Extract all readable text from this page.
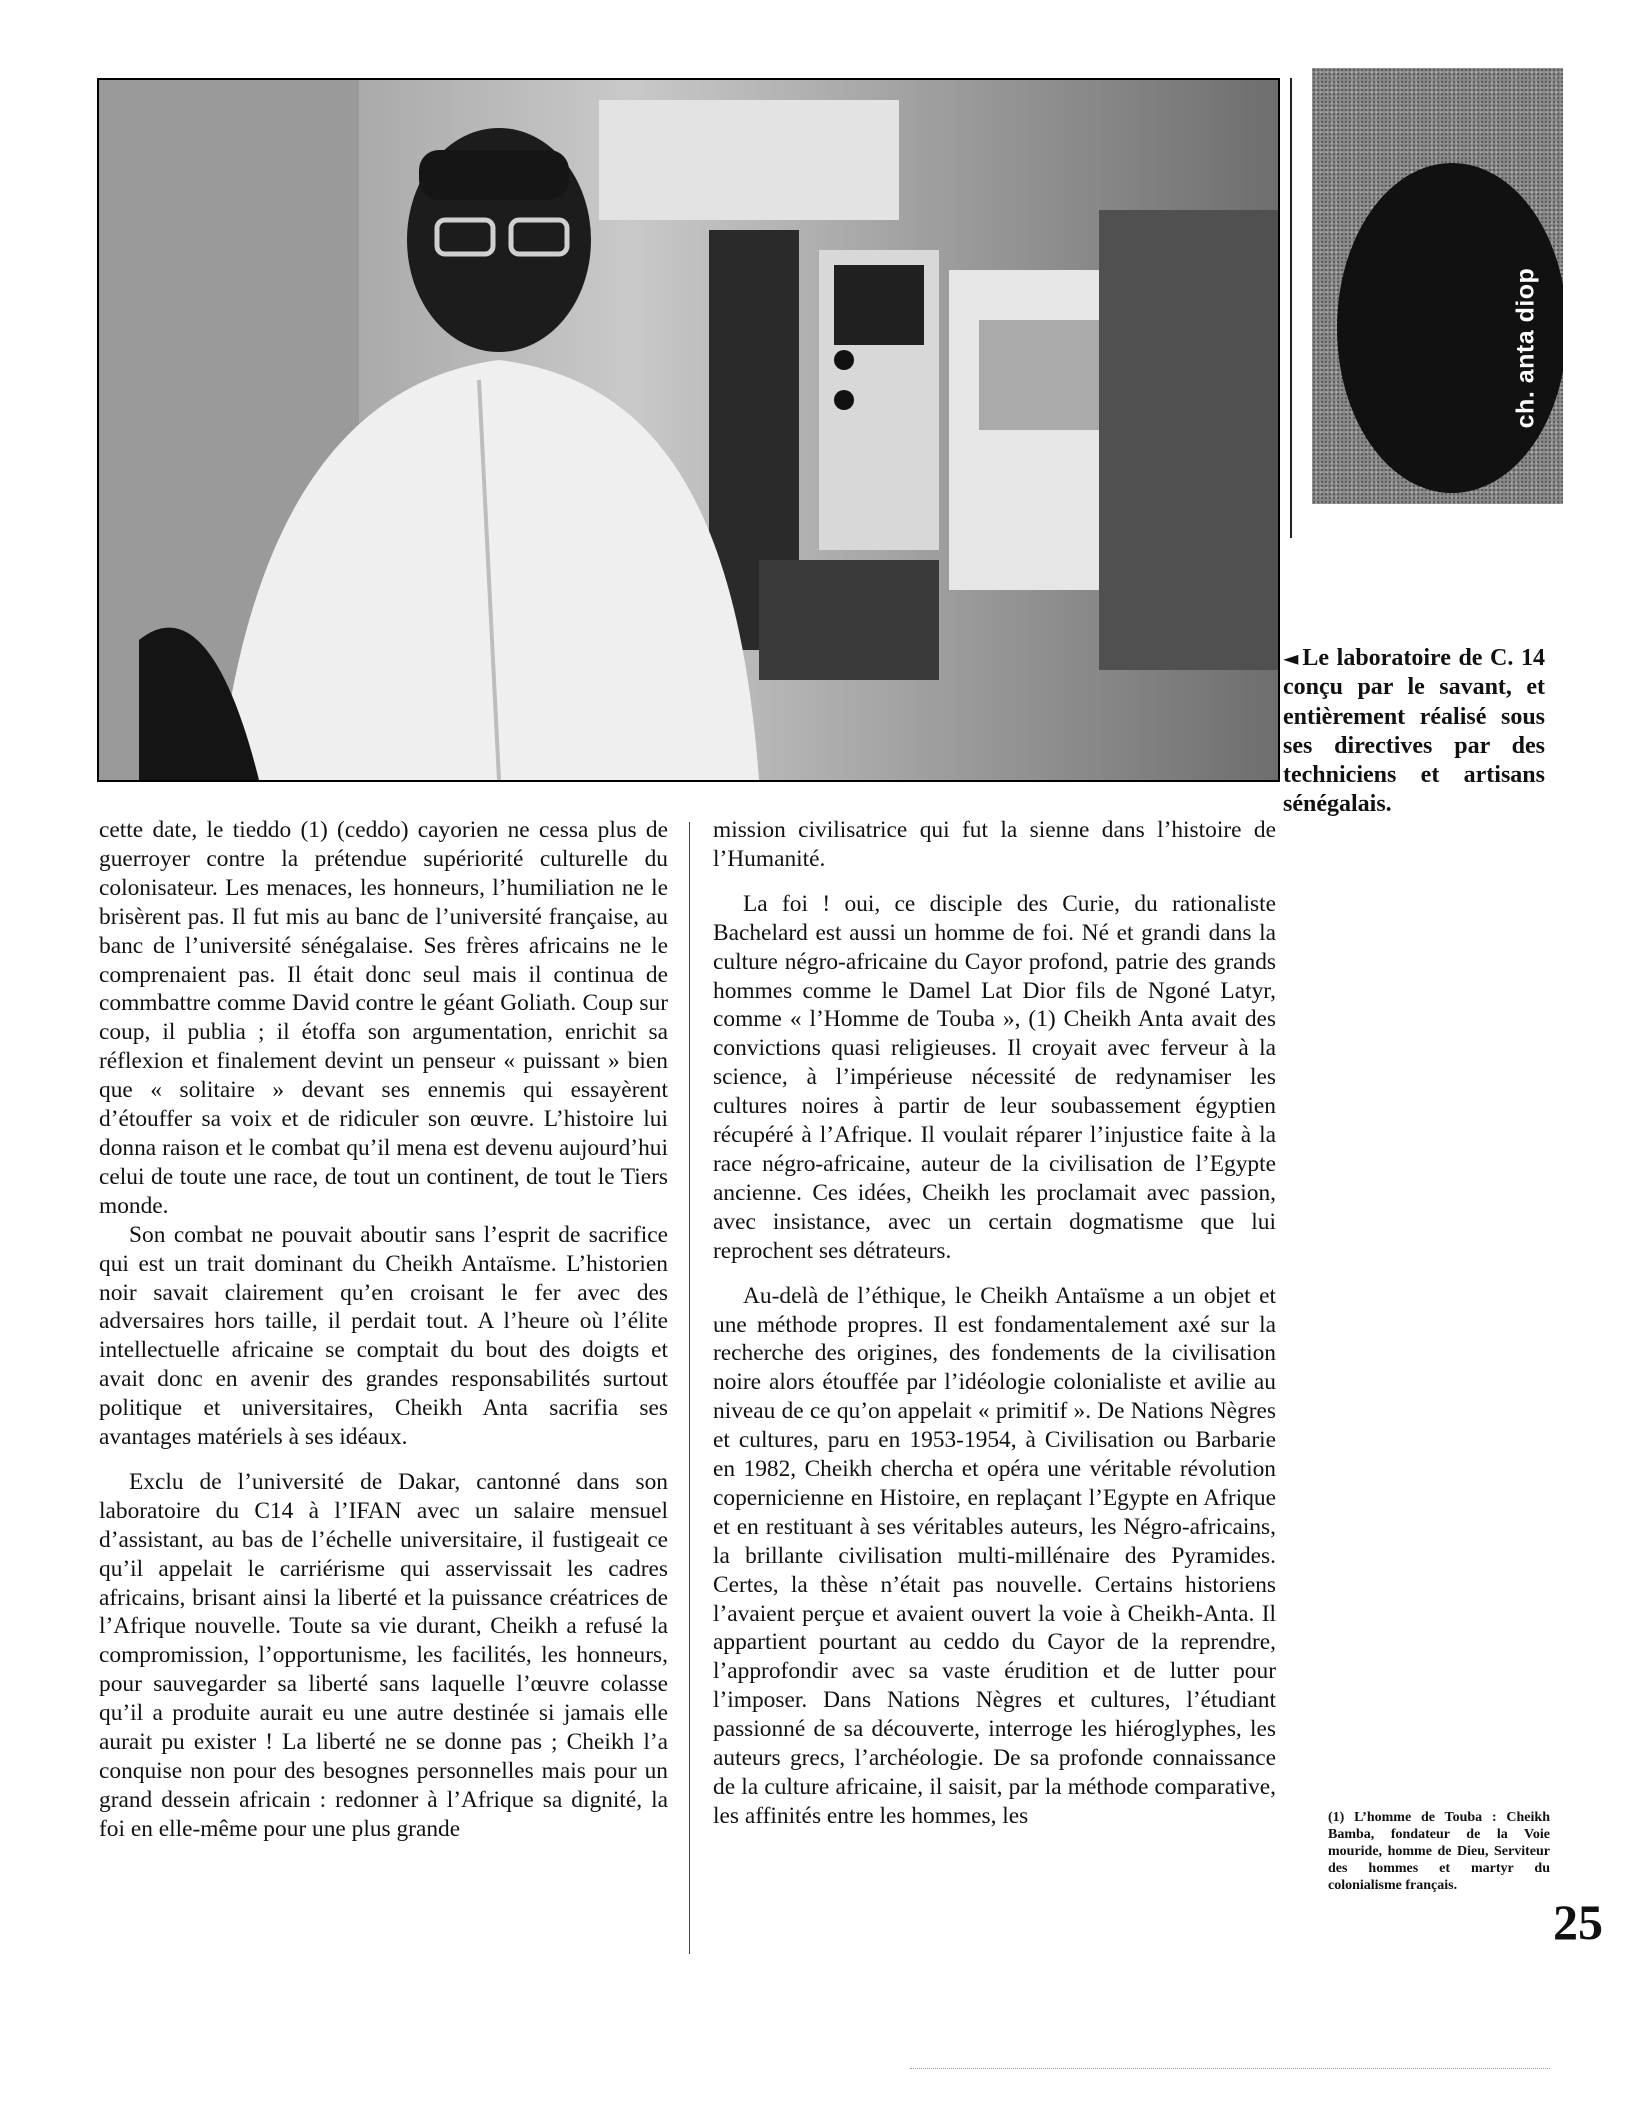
ch. anta diop
◄ Le laboratoire de C. 14 conçu par le savant, et entièrement réalisé sous ses directives par des techniciens et artisans sénégalais.

cette date, le tieddo (1) (ceddo) cayorien ne cessa plus de guerroyer contre la prétendue supériorité culturelle du colonisateur. Les menaces, les honneurs, l’humiliation ne le brisèrent pas. Il fut mis au banc de l’université française, au banc de l’université sénégalaise. Ses frères africains ne le comprenaient pas. Il était donc seul mais il continua de commbattre comme David contre le géant Goliath. Coup sur coup, il publia ; il étoffa son argumentation, enrichit sa réflexion et finalement devint un penseur « puissant » bien que « solitaire » devant ses ennemis qui essayèrent d’étouffer sa voix et de ridiculer son œuvre. L’histoire lui donna raison et le combat qu’il mena est devenu aujourd’hui celui de toute une race, de tout un continent, de tout le Tiers monde.

Son combat ne pouvait aboutir sans l’esprit de sacrifice qui est un trait dominant du Cheikh Antaïsme. L’historien noir savait clairement qu’en croisant le fer avec des adversaires hors taille, il perdait tout. A l’heure où l’élite intellectuelle africaine se comptait du bout des doigts et avait donc en avenir des grandes responsabilités surtout politique et universitaires, Cheikh Anta sacrifia ses avantages matériels à ses idéaux.

Exclu de l’université de Dakar, cantonné dans son laboratoire du C14 à l’IFAN avec un salaire mensuel d’assistant, au bas de l’échelle universitaire, il fustigeait ce qu’il appelait le carriérisme qui asservissait les cadres africains, brisant ainsi la liberté et la puissance créatrices de l’Afrique nouvelle. Toute sa vie durant, Cheikh a refusé la compromission, l’opportunisme, les facilités, les honneurs, pour sauvegarder sa liberté sans laquelle l’œuvre colasse qu’il a produite aurait eu une autre destinée si jamais elle aurait pu exister ! La liberté ne se donne pas ; Cheikh l’a conquise non pour des besognes personnelles mais pour un grand dessein africain : redonner à l’Afrique sa dignité, la foi en elle-même pour une plus grande

mission civilisatrice qui fut la sienne dans l’histoire de l’Humanité.

La foi ! oui, ce disciple des Curie, du rationaliste Bachelard est aussi un homme de foi. Né et grandi dans la culture négro-africaine du Cayor profond, patrie des grands hommes comme le Damel Lat Dior fils de Ngoné Latyr, comme « l’Homme de Touba », (1) Cheikh Anta avait des convictions quasi religieuses. Il croyait avec ferveur à la science, à l’impérieuse nécessité de redynamiser les cultures noires à partir de leur soubassement égyptien récupéré à l’Afrique. Il voulait réparer l’injustice faite à la race négro-africaine, auteur de la civilisation de l’Egypte ancienne. Ces idées, Cheikh les proclamait avec passion, avec insistance, avec un certain dogmatisme que lui reprochent ses détrateurs.

Au-delà de l’éthique, le Cheikh Antaïsme a un objet et une méthode propres. Il est fondamentalement axé sur la recherche des origines, des fondements de la civilisation noire alors étouffée par l’idéologie colonialiste et avilie au niveau de ce qu’on appelait « primitif ». De Nations Nègres et cultures, paru en 1953-1954, à Civilisation ou Barbarie en 1982, Cheikh chercha et opéra une véritable révolution copernicienne en Histoire, en replaçant l’Egypte en Afrique et en restituant à ses véritables auteurs, les Négro-africains, la brillante civilisation multi-millénaire des Pyramides. Certes, la thèse n’était pas nouvelle. Certains historiens l’avaient perçue et avaient ouvert la voie à Cheikh-Anta. Il appartient pourtant au ceddo du Cayor de la reprendre, l’approfondir avec sa vaste érudition et de lutter pour l’imposer. Dans Nations Nègres et cultures, l’étudiant passionné de sa découverte, interroge les hiéroglyphes, les auteurs grecs, l’archéologie. De sa profonde connaissance de la culture africaine, il saisit, par la méthode comparative, les affinités entre les hommes, les	(1) L’homme de Touba : Cheikh Bamba, fondateur de la Voie mouride, homme de Dieu, Serviteur des hommes et martyr du colonialisme français.
25
